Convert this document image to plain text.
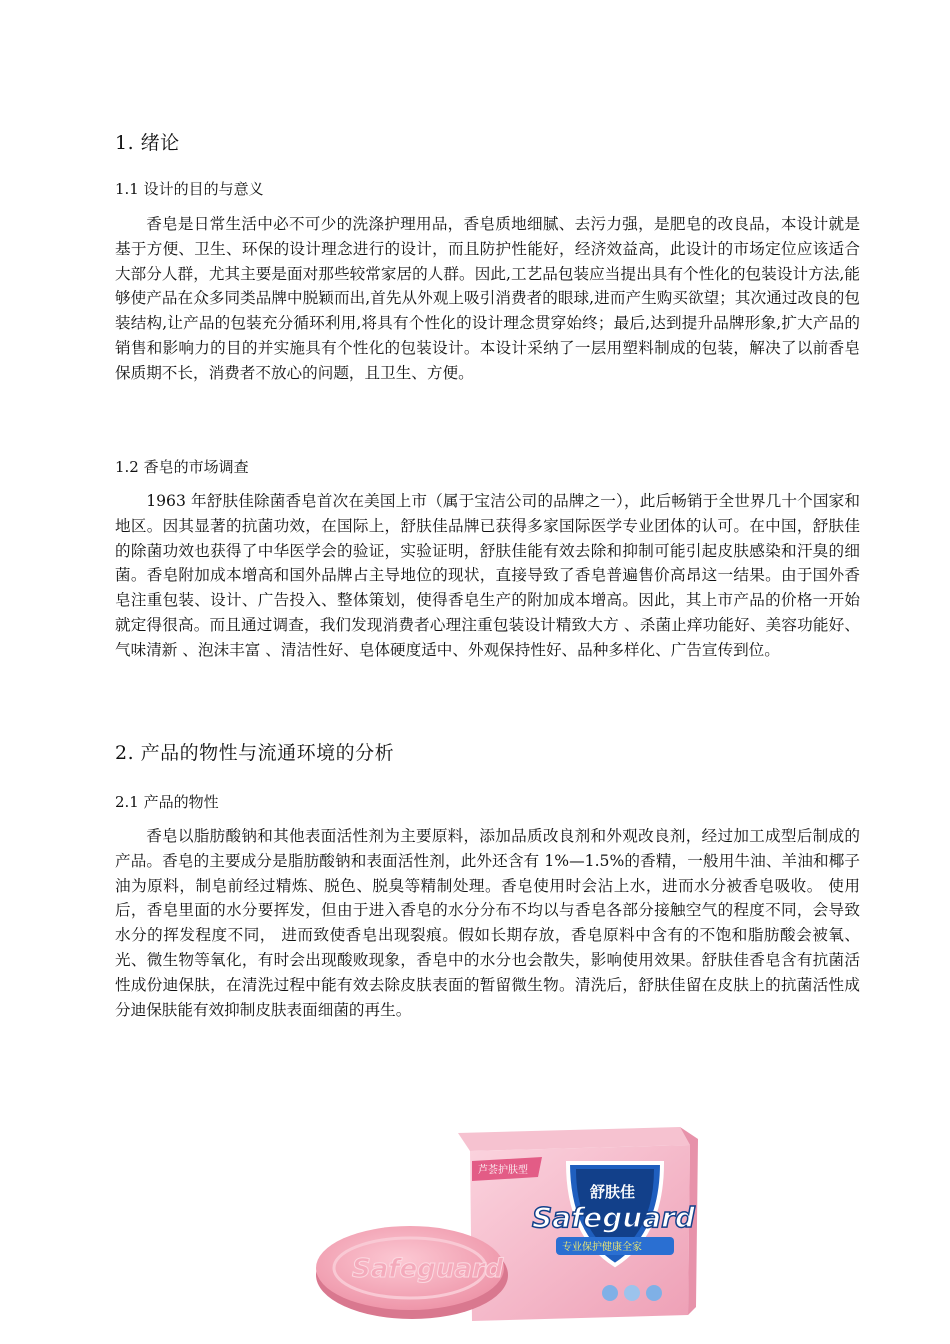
1. 绪论
1.1 设计的目的与意义

香皂是日常生活中必不可少的洗涤护理用品，香皂质地细腻、去污力强，是肥皂的改良品，本设计就是基于方便、卫生、环保的设计理念进行的设计，而且防护性能好，经济效益高，此设计的市场定位应该适合大部分人群，尤其主要是面对那些较常家居的人群。因此,工艺品包装应当提出具有个性化的包装设计方法,能够使产品在众多同类品牌中脱颖而出,首先从外观上吸引消费者的眼球,进而产生购买欲望；其次通过改良的包装结构,让产品的包装充分循环利用,将具有个性化的设计理念贯穿始终；最后,达到提升品牌形象,扩大产品的销售和影响力的目的并实施具有个性化的包装设计。本设计采纳了一层用塑料制成的包装，解决了以前香皂保质期不长，消费者不放心的问题，且卫生、方便。

1.2 香皂的市场调查

1963 年舒肤佳除菌香皂首次在美国上市（属于宝洁公司的品牌之一），此后畅销于全世界几十个国家和地区。因其显著的抗菌功效，在国际上，舒肤佳品牌已获得多家国际医学专业团体的认可。在中国，舒肤佳的除菌功效也获得了中华医学会的验证，实验证明，舒肤佳能有效去除和抑制可能引起皮肤感染和汗臭的细菌。香皂附加成本增高和国外品牌占主导地位的现状，直接导致了香皂普遍售价高昂这一结果。由于国外香皂注重包装、设计、广告投入、整体策划，使得香皂生产的附加成本增高。因此，其上市产品的价格一开始就定得很高。而且通过调查，我们发现消费者心理注重包装设计精致大方 、杀菌止痒功能好、美容功能好、气味清新 、泡沫丰富 、清洁性好、皂体硬度适中、外观保持性好、品种多样化、广告宣传到位。

2. 产品的物性与流通环境的分析
2.1 产品的物性

香皂以脂肪酸钠和其他表面活性剂为主要原料，添加品质改良剂和外观改良剂，经过加工成型后制成的产品。香皂的主要成分是脂肪酸钠和表面活性剂，此外还含有 1%—1.5%的香精，一般用牛油、羊油和椰子油为原料，制皂前经过精炼、脱色、脱臭等精制处理。香皂使用时会沾上水，进而水分被香皂吸收。 使用后，香皂里面的水分要挥发，但由于进入香皂的水分分布不均以与香皂各部分接触空气的程度不同，会导致水分的挥发程度不同， 进而致使香皂出现裂痕。假如长期存放，香皂原料中含有的不饱和脂肪酸会被氧、光、微生物等氧化，有时会出现酸败现象，香皂中的水分也会散失，影响使用效果。舒肤佳香皂含有抗菌活性成份迪保肤，在清洗过程中能有效去除皮肤表面的暂留微生物。清洗后，舒肤佳留在皮肤上的抗菌活性成分迪保肤能有效抑制皮肤表面细菌的再生。

芦荟护肤型
舒肤佳
Safeguard
专业保护健康全家
Safeguard
